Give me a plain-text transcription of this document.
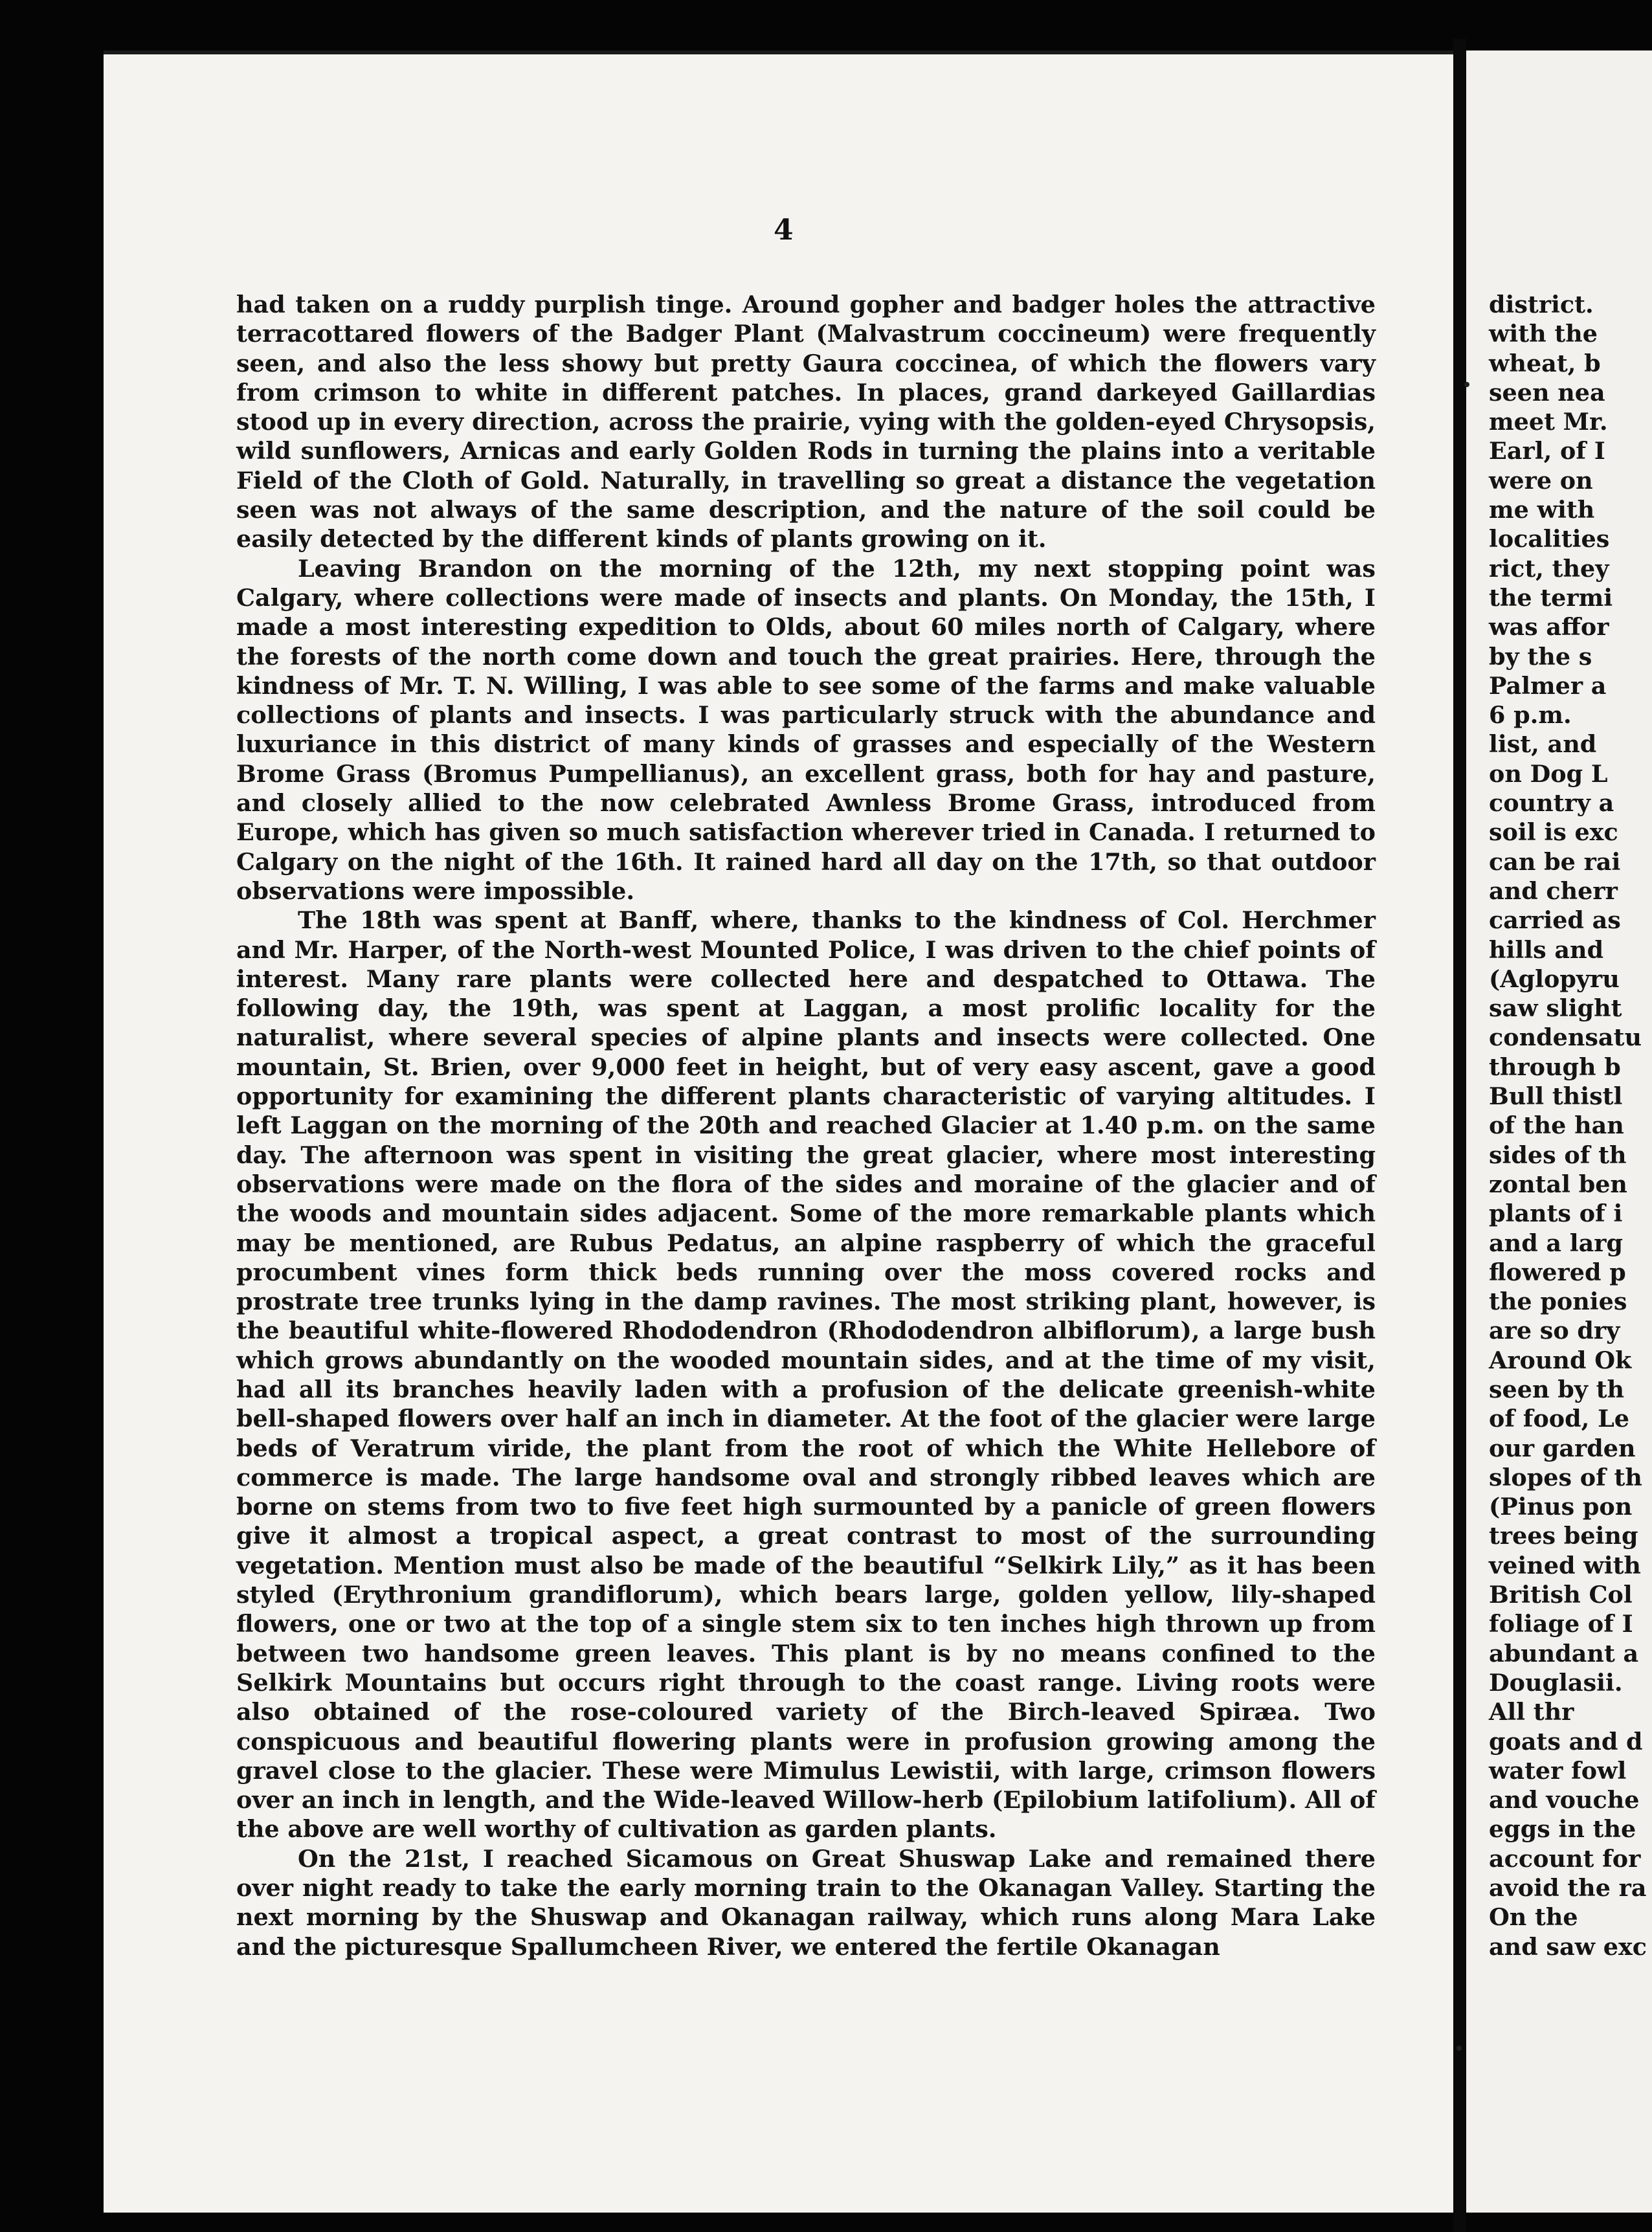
4

had taken on a ruddy purplish tinge. Around gopher and badger holes the attractive terracottared flowers of the Badger Plant (Malvastrum coccineum) were frequently seen, and also the less showy but pretty Gaura coccinea, of which the flowers vary from crimson to white in different patches. In places, grand darkeyed Gaillardias stood up in every direction, across the prairie, vying with the golden-eyed Chrysopsis, wild sunflowers, Arnicas and early Golden Rods in turning the plains into a veritable Field of the Cloth of Gold. Naturally, in travelling so great a distance the vegetation seen was not always of the same description, and the nature of the soil could be easily detected by the different kinds of plants growing on it.

Leaving Brandon on the morning of the 12th, my next stopping point was Calgary, where collections were made of insects and plants. On Monday, the 15th, I made a most interesting expedition to Olds, about 60 miles north of Calgary, where the forests of the north come down and touch the great prairies. Here, through the kindness of Mr. T. N. Willing, I was able to see some of the farms and make valuable collections of plants and insects. I was particularly struck with the abundance and luxuriance in this district of many kinds of grasses and especially of the Western Brome Grass (Bromus Pumpellianus), an excellent grass, both for hay and pasture, and closely allied to the now celebrated Awnless Brome Grass, introduced from Europe, which has given so much satisfaction wherever tried in Canada. I returned to Calgary on the night of the 16th. It rained hard all day on the 17th, so that outdoor observations were impossible.

The 18th was spent at Banff, where, thanks to the kindness of Col. Herchmer and Mr. Harper, of the North-west Mounted Police, I was driven to the chief points of interest. Many rare plants were collected here and despatched to Ottawa. The following day, the 19th, was spent at Laggan, a most prolific locality for the naturalist, where several species of alpine plants and insects were collected. One mountain, St. Brien, over 9,000 feet in height, but of very easy ascent, gave a good opportunity for examining the different plants characteristic of varying altitudes. I left Laggan on the morning of the 20th and reached Glacier at 1.40 p.m. on the same day. The afternoon was spent in visiting the great glacier, where most interesting observations were made on the flora of the sides and moraine of the glacier and of the woods and mountain sides adjacent. Some of the more remarkable plants which may be mentioned, are Rubus Pedatus, an alpine raspberry of which the graceful procumbent vines form thick beds running over the moss covered rocks and prostrate tree trunks lying in the damp ravines. The most striking plant, however, is the beautiful white-flowered Rhododendron (Rhododendron albiflorum), a large bush which grows abundantly on the wooded mountain sides, and at the time of my visit, had all its branches heavily laden with a profusion of the delicate greenish-white bell-shaped flowers over half an inch in diameter. At the foot of the glacier were large beds of Veratrum viride, the plant from the root of which the White Hellebore of commerce is made. The large handsome oval and strongly ribbed leaves which are borne on stems from two to five feet high surmounted by a panicle of green flowers give it almost a tropical aspect, a great contrast to most of the surrounding vegetation. Mention must also be made of the beautiful “Selkirk Lily,” as it has been styled (Erythronium grandiflorum), which bears large, golden yellow, lily-shaped flowers, one or two at the top of a single stem six to ten inches high thrown up from between two handsome green leaves. This plant is by no means confined to the Selkirk Mountains but occurs right through to the coast range. Living roots were also obtained of the rose-coloured variety of the Birch-leaved Spiræa. Two conspicuous and beautiful flowering plants were in profusion growing among the gravel close to the glacier. These were Mimulus Lewistii, with large, crimson flowers over an inch in length, and the Wide-leaved Willow-herb (Epilobium latifolium). All of the above are well worthy of cultivation as garden plants.

On the 21st, I reached Sicamous on Great Shuswap Lake and remained there over night ready to take the early morning train to the Okanagan Valley. Starting the next morning by the Shuswap and Okanagan railway, which runs along Mara Lake and the picturesque Spallumcheen River, we entered the fertile Okanagan

district.
with the
wheat, b
seen nea
meet Mr.
Earl, of I
were on
me with
localities
rict, they
the termi
was affor
by the s
Palmer a
6 p.m.
list, and
on Dog L
country a
soil is exc
can be rai
and cherr
carried as
hills and
(Aglopyru
saw slight
condensatu
through b
Bull thistl
of the han
sides of th
zontal ben
plants of i
and a larg
flowered p
the ponies
are so dry
Around Ok
seen by th
of food, Le
our garden
slopes of th
(Pinus pon
trees being
veined with
British Col
foliage of I
abundant a
Douglasii.
All thr
goats and d
water fowl
and vouche
eggs in the
account for
avoid the ra
On the
and saw exc
